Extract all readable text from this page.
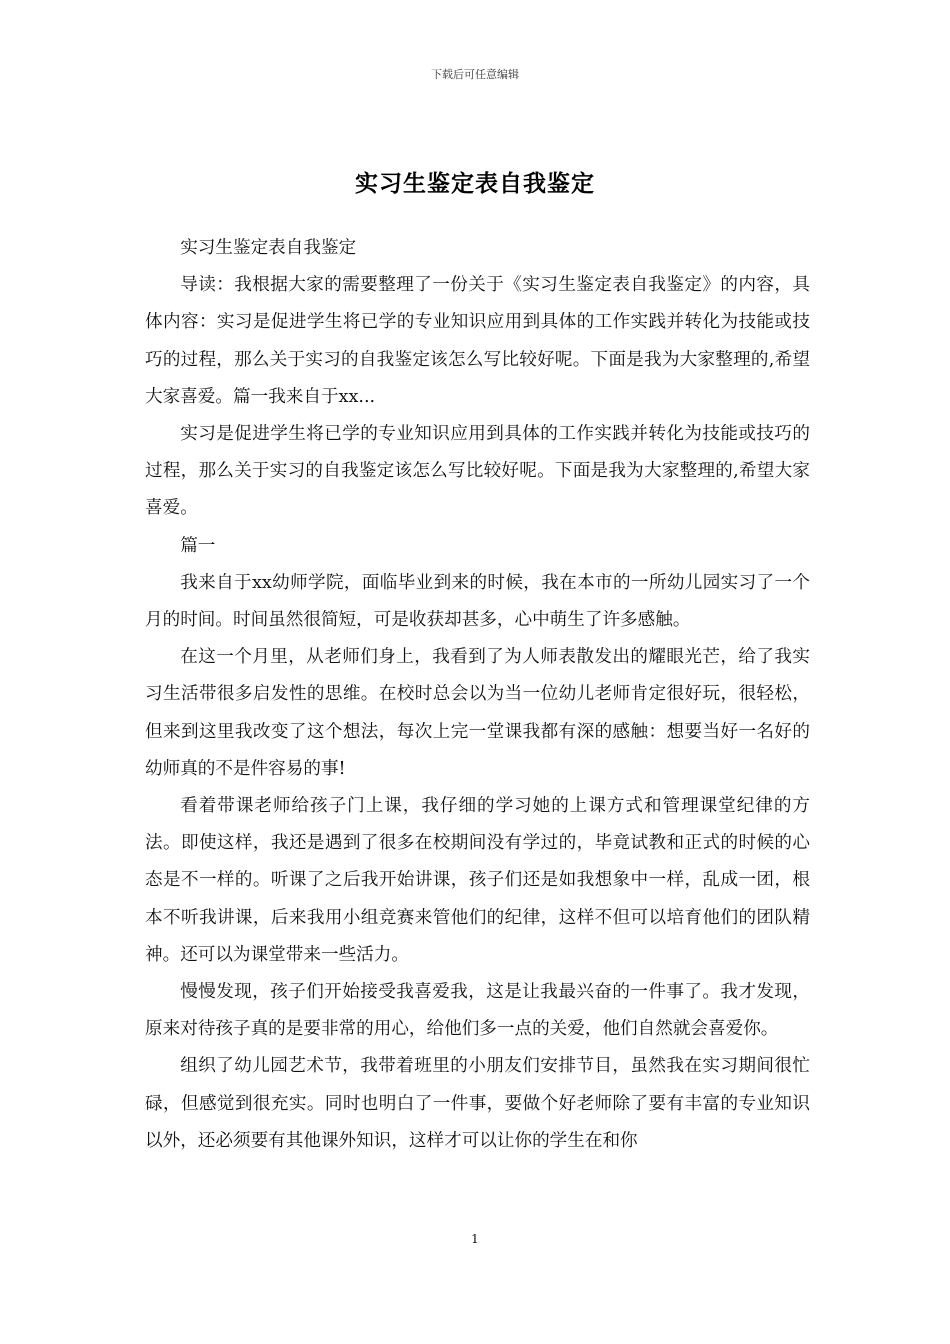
下载后可任意编辑
实习生鉴定表自我鉴定

实习生鉴定表自我鉴定

导读：我根据大家的需要整理了一份关于《实习生鉴定表自我鉴定》的内容，具体内容：实习是促进学生将已学的专业知识应用到具体的工作实践并转化为技能或技巧的过程，那么关于实习的自我鉴定该怎么写比较好呢。下面是我为大家整理的,希望大家喜爱。篇一我来自于xx...

实习是促进学生将已学的专业知识应用到具体的工作实践并转化为技能或技巧的过程，那么关于实习的自我鉴定该怎么写比较好呢。下面是我为大家整理的,希望大家喜爱。

篇一

我来自于xx幼师学院，面临毕业到来的时候，我在本市的一所幼儿园实习了一个月的时间。时间虽然很简短，可是收获却甚多，心中萌生了许多感触。

在这一个月里，从老师们身上，我看到了为人师表散发出的耀眼光芒，给了我实习生活带很多启发性的思维。在校时总会以为当一位幼儿老师肯定很好玩，很轻松，但来到这里我改变了这个想法，每次上完一堂课我都有深的感触：想要当好一名好的幼师真的不是件容易的事!

看着带课老师给孩子门上课，我仔细的学习她的上课方式和管理课堂纪律的方法。即使这样，我还是遇到了很多在校期间没有学过的，毕竟试教和正式的时候的心态是不一样的。听课了之后我开始讲课，孩子们还是如我想象中一样，乱成一团，根本不听我讲课，后来我用小组竞赛来管他们的纪律，这样不但可以培育他们的团队精神。还可以为课堂带来一些活力。

慢慢发现，孩子们开始接受我喜爱我，这是让我最兴奋的一件事了。我才发现，原来对待孩子真的是要非常的用心，给他们多一点的关爱，他们自然就会喜爱你。

组织了幼儿园艺术节，我带着班里的小朋友们安排节目，虽然我在实习期间很忙碌，但感觉到很充实。同时也明白了一件事，要做个好老师除了要有丰富的专业知识以外，还必须要有其他课外知识，这样才可以让你的学生在和你

1
